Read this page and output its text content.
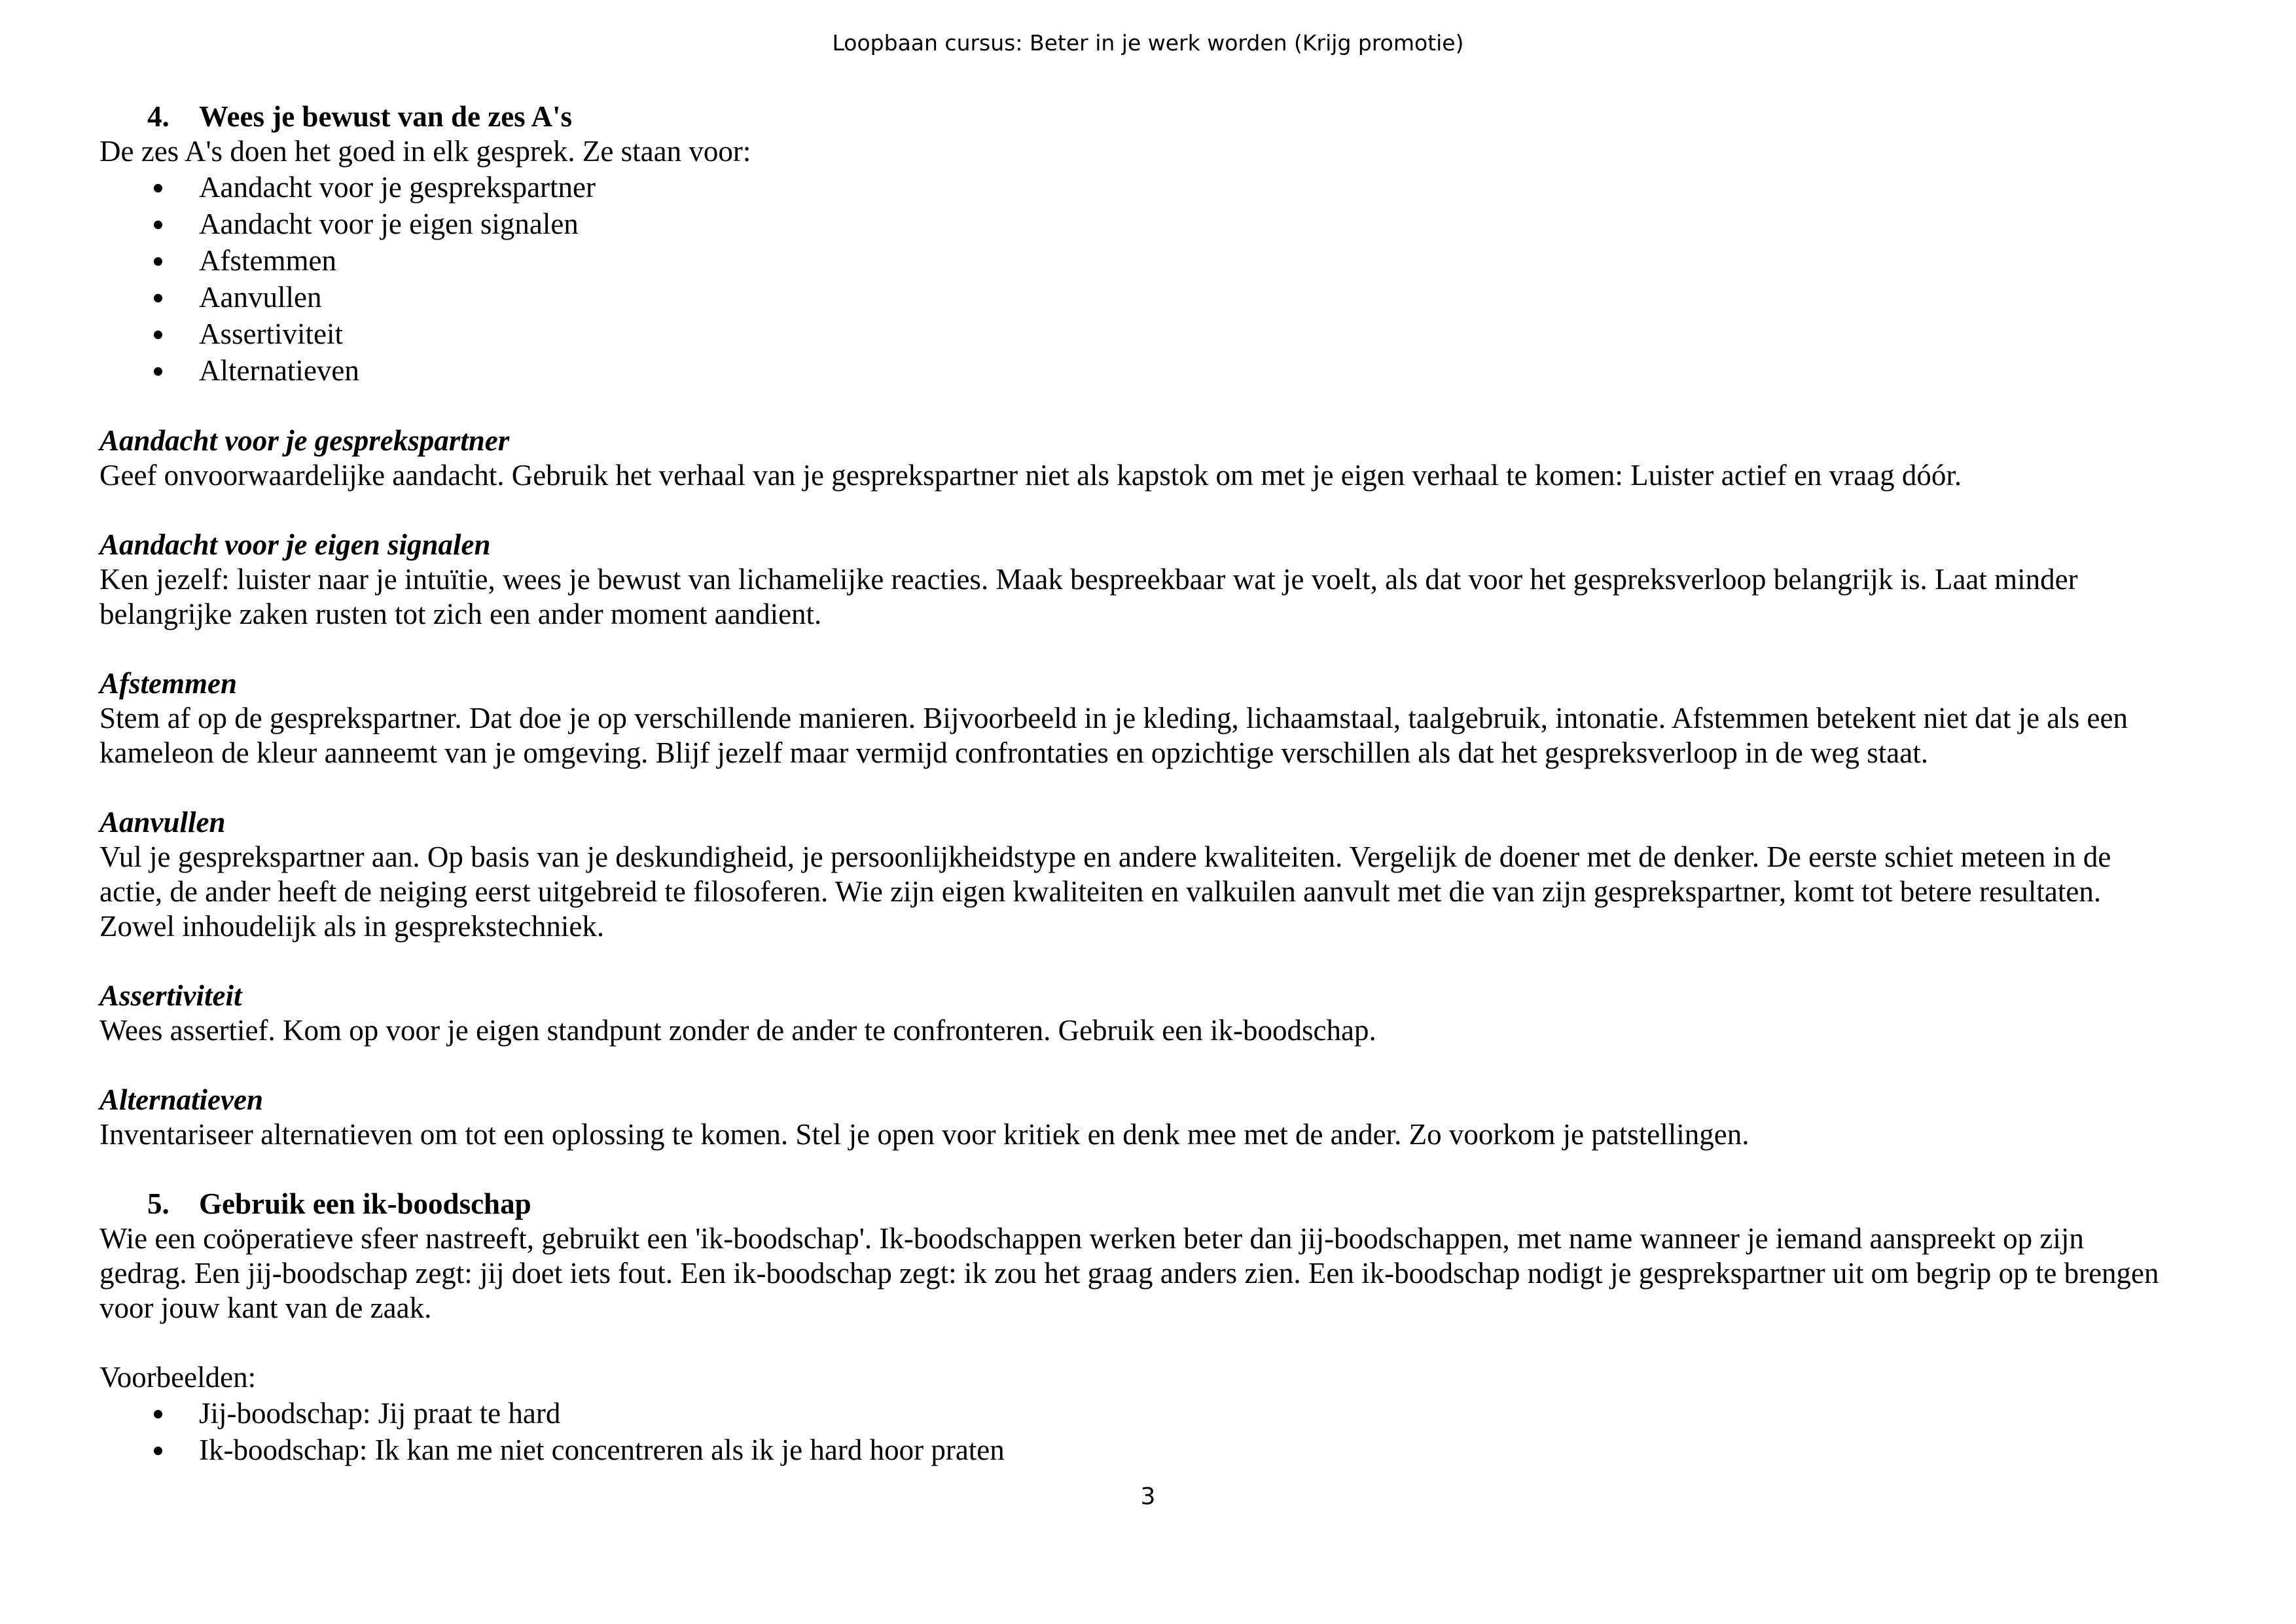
Loopbaan cursus: Beter in je werk worden (Krijg promotie)
4. Wees je bewust van de zes A's

De zes A's doen het goed in elk gesprek. Ze staan voor:

Aandacht voor je gesprekspartner
Aandacht voor je eigen signalen
Afstemmen
Aanvullen
Assertiviteit
Alternatieven
Aandacht voor je gesprekspartner
Geef onvoorwaardelijke aandacht. Gebruik het verhaal van je gesprekspartner niet als kapstok om met je eigen verhaal te komen: Luister actief en vraag dóór.
Aandacht voor je eigen signalen
Ken jezelf: luister naar je intuïtie, wees je bewust van lichamelijke reacties. Maak bespreekbaar wat je voelt, als dat voor het gespreksverloop belangrijk is. Laat minder
belangrijke zaken rusten tot zich een ander moment aandient.
Afstemmen
Stem af op de gesprekspartner. Dat doe je op verschillende manieren. Bijvoorbeeld in je kleding, lichaamstaal, taalgebruik, intonatie. Afstemmen betekent niet dat je als een
kameleon de kleur aanneemt van je omgeving. Blijf jezelf maar vermijd confrontaties en opzichtige verschillen als dat het gespreksverloop in de weg staat.
Aanvullen
Vul je gesprekspartner aan. Op basis van je deskundigheid, je persoonlijkheidstype en andere kwaliteiten. Vergelijk de doener met de denker. De eerste schiet meteen in de
actie, de ander heeft de neiging eerst uitgebreid te filosoferen. Wie zijn eigen kwaliteiten en valkuilen aanvult met die van zijn gesprekspartner, komt tot betere resultaten.
Zowel inhoudelijk als in gesprekstechniek.
Assertiviteit
Wees assertief. Kom op voor je eigen standpunt zonder de ander te confronteren. Gebruik een ik-boodschap.
Alternatieven
Inventariseer alternatieven om tot een oplossing te komen. Stel je open voor kritiek en denk mee met de ander. Zo voorkom je patstellingen.
5. Gebruik een ik-boodschap
Wie een coöperatieve sfeer nastreeft, gebruikt een 'ik-boodschap'. Ik-boodschappen werken beter dan jij-boodschappen, met name wanneer je iemand aanspreekt op zijn
gedrag. Een jij-boodschap zegt: jij doet iets fout. Een ik-boodschap zegt: ik zou het graag anders zien. Een ik-boodschap nodigt je gesprekspartner uit om begrip op te brengen
voor jouw kant van de zaak.
Voorbeelden:
Jij-boodschap: Jij praat te hard
Ik-boodschap: Ik kan me niet concentreren als ik je hard hoor praten
3
